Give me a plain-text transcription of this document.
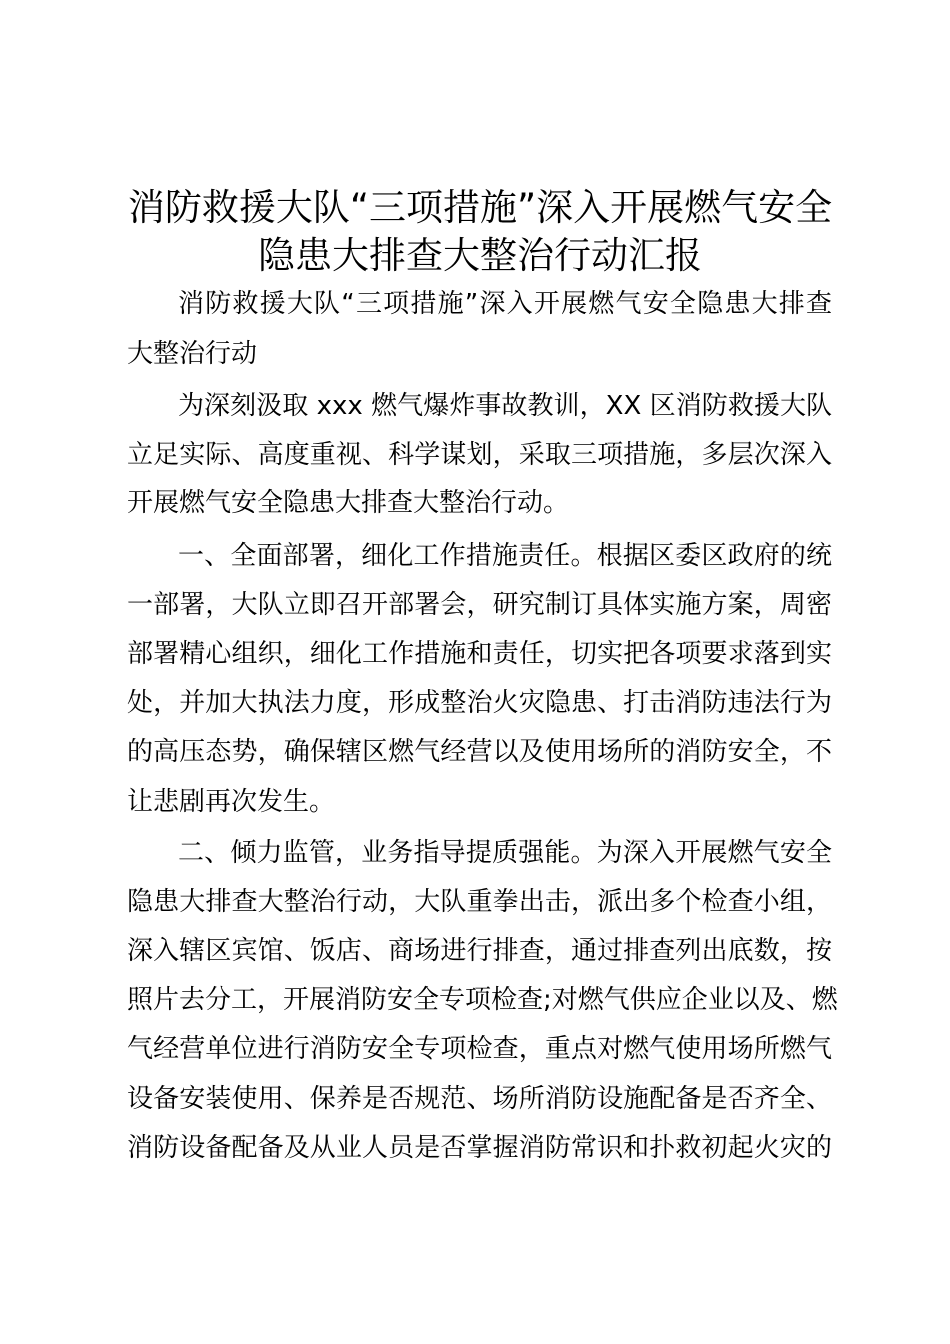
消防救援大队“三项措施”深入开展燃气安全
隐患大排查大整治行动汇报
消防救援大队“三项措施”深入开展燃气安全隐患大排查
大整治行动
为深刻汲取 xxx 燃气爆炸事故教训，XX 区消防救援大队
立足实际、高度重视、科学谋划，采取三项措施，多层次深入
开展燃气安全隐患大排查大整治行动。
一、全面部署，细化工作措施责任。根据区委区政府的统
一部署，大队立即召开部署会，研究制订具体实施方案，周密
部署精心组织，细化工作措施和责任，切实把各项要求落到实
处，并加大执法力度，形成整治火灾隐患、打击消防违法行为
的高压态势，确保辖区燃气经营以及使用场所的消防安全，不
让悲剧再次发生。
二、倾力监管，业务指导提质强能。为深入开展燃气安全
隐患大排查大整治行动，大队重拳出击，派出多个检查小组，
深入辖区宾馆、饭店、商场进行排查，通过排查列出底数，按
照片去分工，开展消防安全专项检查;对燃气供应企业以及、燃
气经营单位进行消防安全专项检查，重点对燃气使用场所燃气
设备安装使用、保养是否规范、场所消防设施配备是否齐全、
消防设备配备及从业人员是否掌握消防常识和扑救初起火灾的
